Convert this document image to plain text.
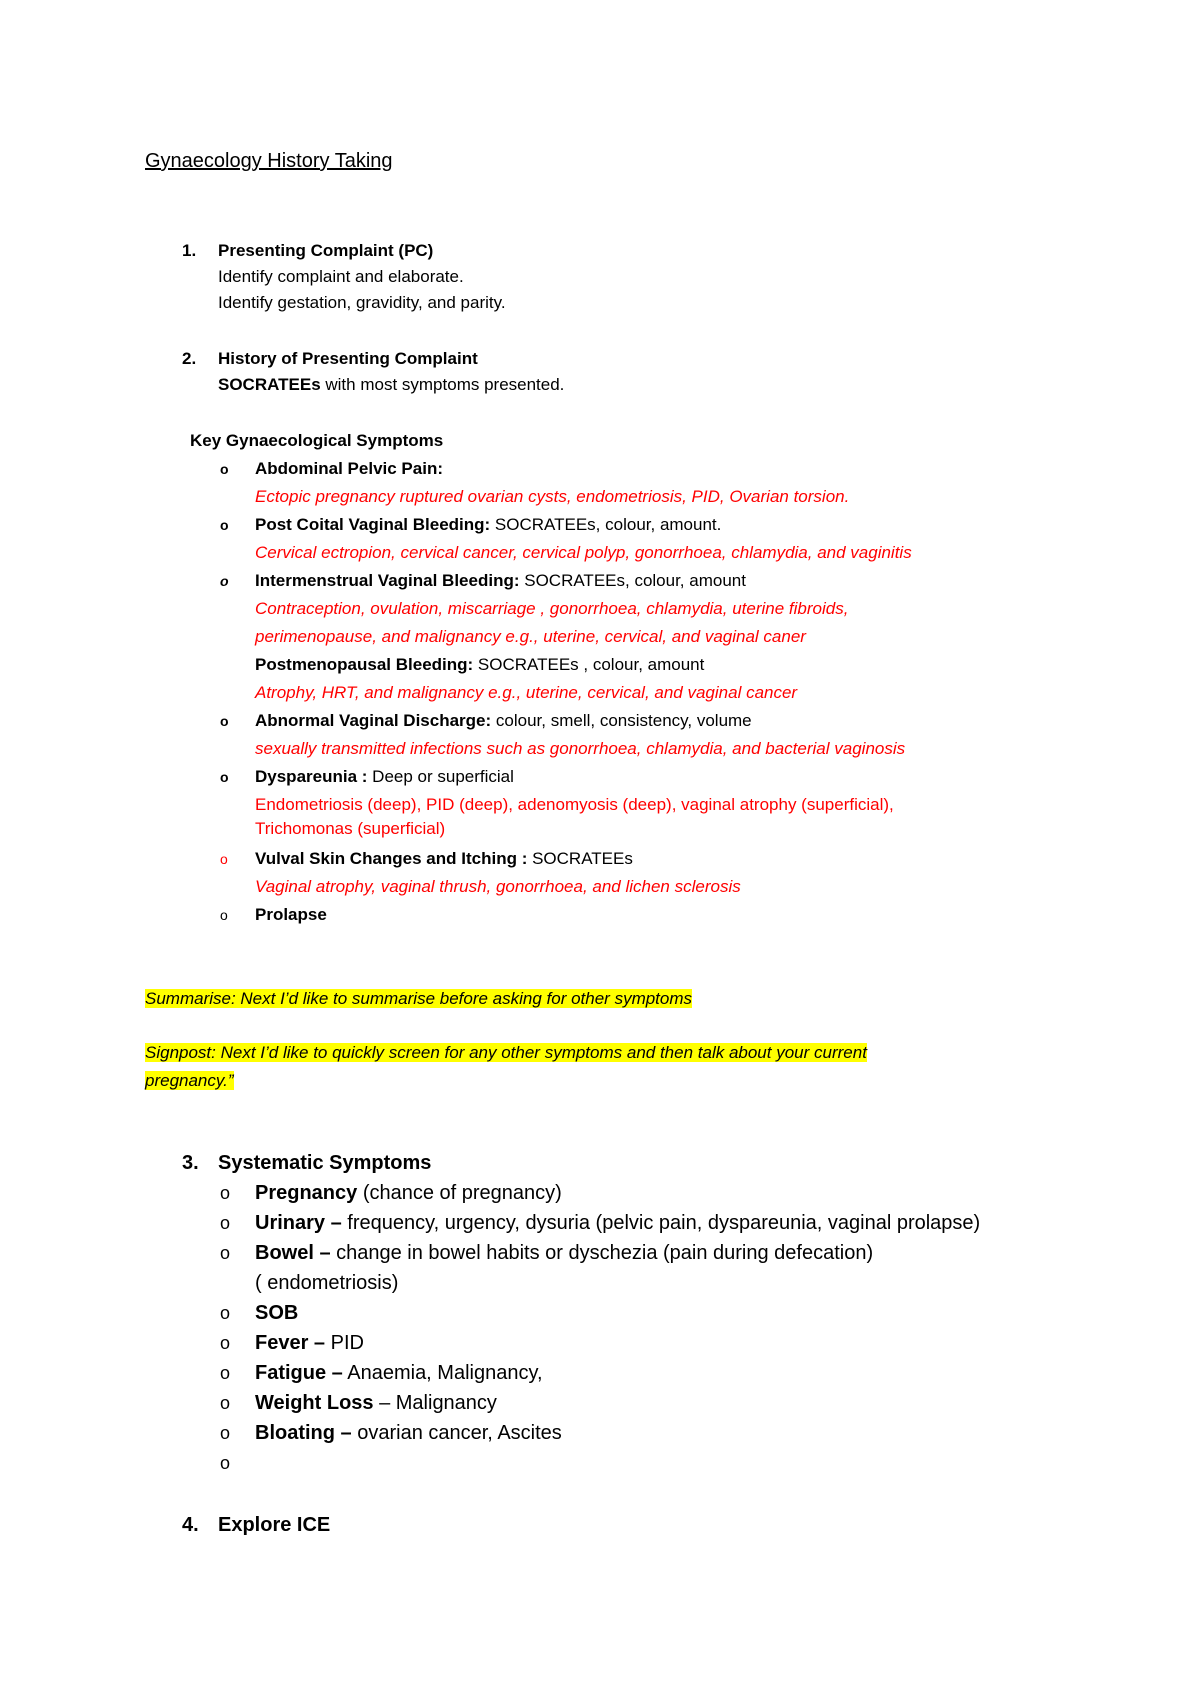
Gynaecology History Taking
1. Presenting Complaint (PC)
Identify complaint and elaborate.
Identify gestation, gravidity, and parity.
2. History of Presenting Complaint
SOCRATEEs with most symptoms presented.
Key Gynaecological Symptoms
o Abdominal Pelvic Pain:
Ectopic pregnancy ruptured ovarian cysts, endometriosis, PID, Ovarian torsion.
o Post Coital Vaginal Bleeding: SOCRATEEs, colour, amount.
Cervical ectropion, cervical cancer, cervical polyp, gonorrhoea, chlamydia, and vaginitis
o Intermenstrual Vaginal Bleeding: SOCRATEEs, colour, amount
Contraception, ovulation, miscarriage , gonorrhoea, chlamydia, uterine fibroids,
perimenopause, and malignancy e.g., uterine, cervical, and vaginal caner
Postmenopausal Bleeding: SOCRATEEs , colour, amount
Atrophy, HRT, and malignancy e.g., uterine, cervical, and vaginal cancer
o Abnormal Vaginal Discharge: colour, smell, consistency, volume
sexually transmitted infections such as gonorrhoea, chlamydia, and bacterial vaginosis
o Dyspareunia : Deep or superficial
Endometriosis (deep), PID (deep), adenomyosis (deep), vaginal atrophy (superficial),
Trichomonas (superficial)
o Vulval Skin Changes and Itching : SOCRATEEs
Vaginal atrophy, vaginal thrush, gonorrhoea, and lichen sclerosis
o Prolapse
Summarise: Next I’d like to summarise before asking for other symptoms
Signpost: Next I’d like to quickly screen for any other symptoms and then talk about your current
pregnancy.”
3. Systematic Symptoms
o Pregnancy (chance of pregnancy)
o Urinary – frequency, urgency, dysuria (pelvic pain, dyspareunia, vaginal prolapse)
o Bowel – change in bowel habits or dyschezia (pain during defecation)
( endometriosis)
o SOB
o Fever – PID
o Fatigue – Anaemia, Malignancy,
o Weight Loss – Malignancy
o Bloating – ovarian cancer, Ascites
o
4. Explore ICE
